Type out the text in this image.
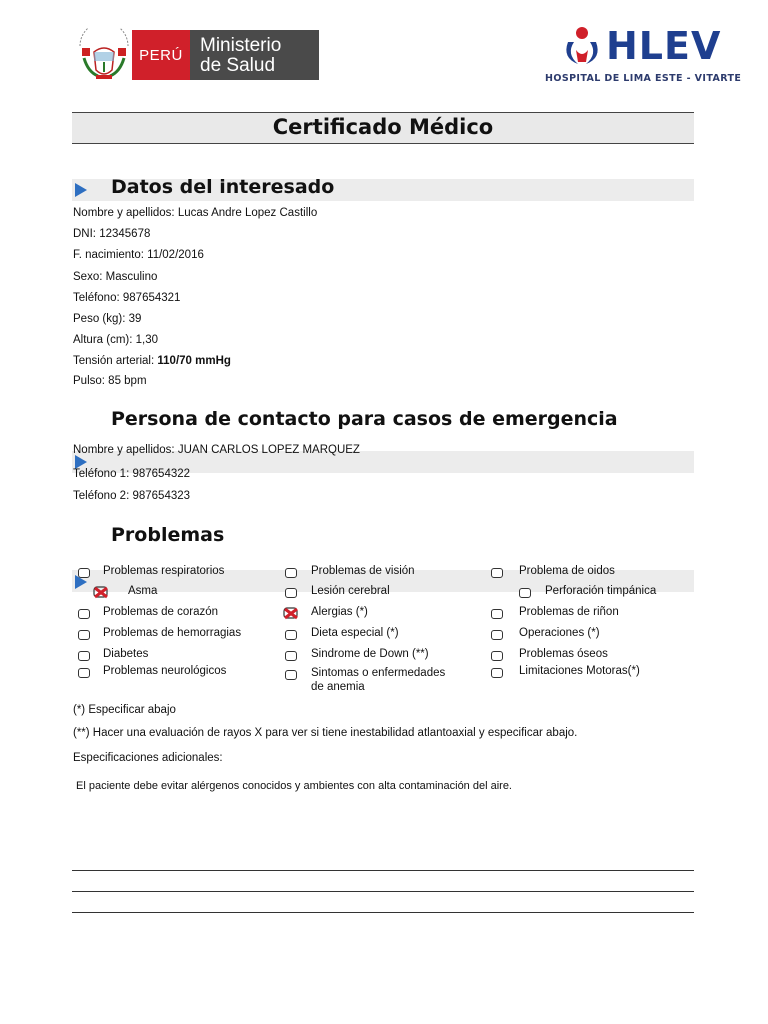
PERÚ Ministerio
de Salud	HLEV
HOSPITAL DE LIMA ESTE - VITARTE
Certificado Médico
Datos del interesado
Nombre y apellidos: Lucas Andre Lopez Castillo
DNI: 12345678
F. nacimiento: 11/02/2016
Sexo: Masculino
Teléfono: 987654321
Peso (kg): 39
Altura (cm): 1,30
Tensión arterial: 110/70 mmHg
Pulso: 85 bpm
Persona de contacto para casos de emergencia
Nombre y apellidos: JUAN CARLOS LOPEZ MARQUEZ
Teléfono 1: 987654322
Teléfono 2: 987654323
Problemas
Problemas respiratorios
Asma
Problemas de corazón
Problemas de hemorragias
Diabetes
Problemas neurológicos
Problemas de visión
Lesión cerebral
Alergias (*)
Dieta especial (*)
Sindrome de Down (**)
Sintomas o enfermedades
de anemia
Problema de oidos
Perforación timpánica
Problemas de riñon
Operaciones (*)
Problemas óseos
Limitaciones Motoras(*)
(*) Especificar abajo
(**) Hacer una evaluación de rayos X para ver si tiene inestabilidad atlantoaxial y especificar abajo.
Especificaciones adicionales:
El paciente debe evitar alérgenos conocidos y ambientes con alta contaminación del aire.
